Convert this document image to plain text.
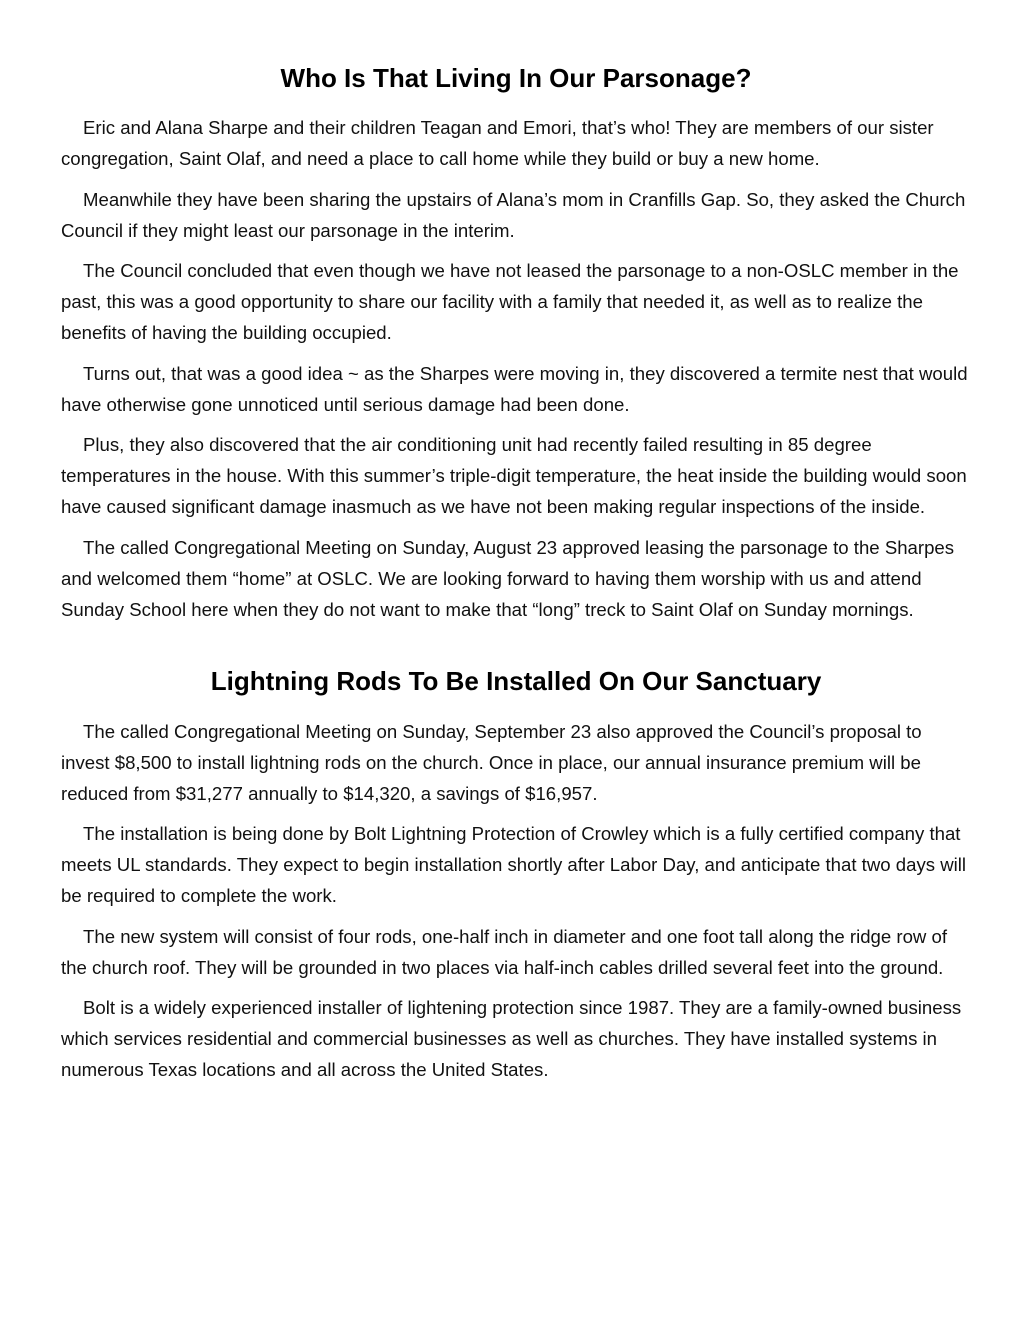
Who Is That Living In Our Parsonage?

Eric and Alana Sharpe and their children Teagan and Emori, that’s who! They are members of our sister congregation, Saint Olaf, and need a place to call home while they build or buy a new home.

Meanwhile they have been sharing the upstairs of Alana’s mom in Cranfills Gap. So, they asked the Church Council if they might least our parsonage in the interim.

The Council concluded that even though we have not leased the parsonage to a non-OSLC member in the past, this was a good opportunity to share our facility with a family that needed it, as well as to realize the benefits of having the building occupied.

Turns out, that was a good idea ~ as the Sharpes were moving in, they discovered a termite nest that would have otherwise gone unnoticed until serious damage had been done.

Plus, they also discovered that the air conditioning unit had recently failed resulting in 85 degree temperatures in the house. With this summer’s triple-digit temperature, the heat inside the building would soon have caused significant damage inasmuch as we have not been making regular inspections of the inside.

The called Congregational Meeting on Sunday, August 23 approved leasing the parsonage to the Sharpes and welcomed them “home” at OSLC. We are looking forward to having them worship with us and attend Sunday School here when they do not want to make that “long” treck to Saint Olaf on Sunday mornings.

Lightning Rods To Be Installed On Our Sanctuary

The called Congregational Meeting on Sunday, September 23 also approved the Council’s proposal to invest $8,500 to install lightning rods on the church. Once in place, our annual insurance premium will be reduced from $31,277 annually to $14,320, a savings of $16,957.

The installation is being done by Bolt Lightning Protection of Crowley which is a fully certified company that meets UL standards. They expect to begin installation shortly after Labor Day, and anticipate that two days will be required to complete the work.

The new system will consist of four rods, one-half inch in diameter and one foot tall along the ridge row of the church roof. They will be grounded in two places via half-inch cables drilled several feet into the ground.

Bolt is a widely experienced installer of lightening protection since 1987. They are a family-owned business which services residential and commercial businesses as well as churches. They have installed systems in numerous Texas locations and all across the United States.
